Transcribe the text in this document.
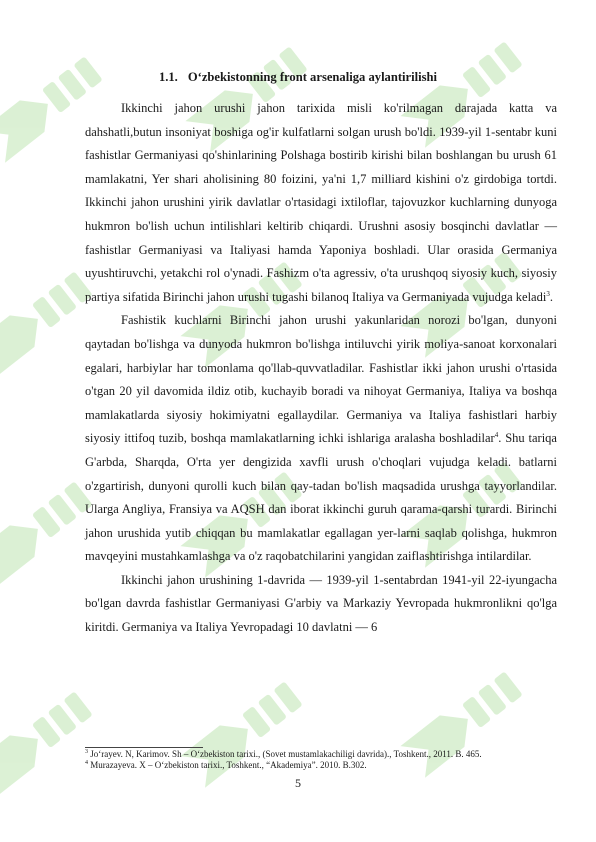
1.1. O‘zbekistonning front arsenaliga aylantirilishi

Ikkinchi jahon urushi jahon tarixida misli ko'rilmagan darajada katta va dahshatli,butun insoniyat boshiga og'ir kulfatlarni solgan urush bo'ldi. 1939-yil 1-sentabr kuni fashistlar Germaniyasi qo'shinlarining Polshaga bostirib kirishi bilan boshlangan bu urush 61 mamlakatni, Yer shari aholisining 80 foizini, ya'ni 1,7 milliard kishini o'z girdobiga tortdi. Ikkinchi jahon urushini yirik davlatlar o'rtasidagi ixtiloflar, tajovuzkor kuchlarning dunyoga hukmron bo'lish uchun intilishlari keltirib chiqardi. Urushni asosiy bosqinchi davlatlar — fashistlar Germaniyasi va Italiyasi hamda Yaponiya boshladi. Ular orasida Germaniya uyushtiruvchi, yetakchi rol o'ynadi. Fashizm o'ta agressiv, o'ta urushqoq siyosiy kuch, siyosiy partiya sifatida Birinchi jahon urushi tugashi bilanoq Italiya va Germaniyada vujudga keladi$^3$.

Fashistik kuchlarni Birinchi jahon urushi yakunlaridan norozi bo'lgan, dunyoni qaytadan bo'lishga va dunyoda hukmron bo'lishga intiluvchi yirik moliya-sanoat korxonalari egalari, harbiylar har tomonlama qo'llab-quvvatladilar. Fashistlar ikki jahon urushi o'rtasida o'tgan 20 yil davomida ildiz otib, kuchayib boradi va nihoyat Germaniya, Italiya va boshqa mamlakatlarda siyosiy hokimiyatni egallaydilar. Germaniya va Italiya fashistlari harbiy siyosiy ittifoq tuzib, boshqa mamlakatlarning ichki ishlariga aralasha boshladilar$^4$. Shu tariqa G'arbda, Sharqda, O'rta yer dengizida xavfli urush o'choqlari vujudga keladi. batlarni o'zgartirish, dunyoni qurolli kuch bilan qay-tadan bo'lish maqsadida urushga tayyorlandilar. Ularga Angliya, Fransiya va AQSH dan iborat ikkinchi guruh qarama-qarshi turardi. Birinchi jahon urushida yutib chiqqan bu mamlakatlar egallagan yer-larni saqlab qolishga, hukmron mavqeyini mustahkamlashga va o'z raqobatchilarini yangidan zaiflashtirishga intilardilar.

Ikkinchi jahon urushining 1-davrida — 1939-yil 1-sentabrdan 1941-yil 22-iyungacha bo'lgan davrda fashistlar Germaniyasi G'arbiy va Markaziy Yevropada hukmronlikni qo'lga kiritdi. Germaniya va Italiya Yevropadagi 10 davlatni — 6

$^3$ Jo‘rayev. N, Karimov. Sh – O‘zbekiston tarixi., (Sovet mustamlakachiligi davrida)., Toshkent., 2011. B. 465.
$^4$ Murazayeva. X – O‘zbekiston tarixi., Toshkent., “Akademiya”. 2010. B.302.
5
